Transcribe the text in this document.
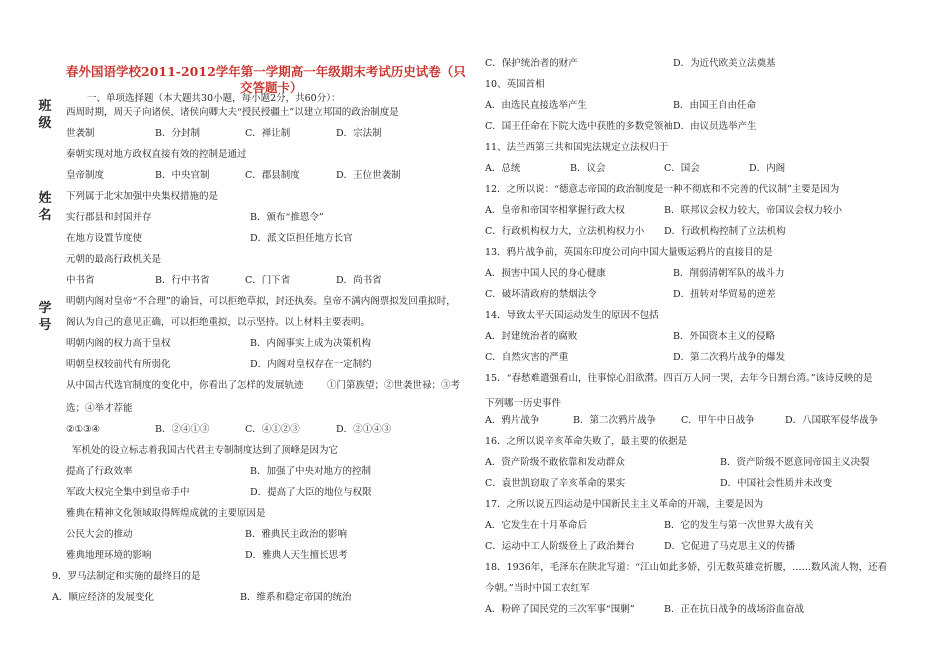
班级
姓名
学号
春外国语学校2011-2012学年第一学期高一年级期末考试历史试卷（只
交答题卡）
一、单项选择题（本大题共30小题，每小题2分，共60分）：
西周时期，周天子向诸侯，诸侯向卿大夫“授民授疆土”以建立邦国的政治制度是
世袭制	B．分封制	C．禅让制	D．宗法制
秦朝实现对地方政权直接有效的控制是通过
皇帝制度	B．中央官制	C．郡县制度	D．王位世袭制
下列属于北宋加强中央集权措施的是
实行郡县和封国并存	B．颁布“推恩令”
在地方设置节度使	D．派文臣担任地方长官
元朝的最高行政机关是
中书省	B．行中书省	C．门下省	D．尚书省
明朝内阁对皇帝“不合理”的谕旨，可以拒绝草拟，封还执奏。皇帝不满内阁票拟发回重拟时，
阁认为自己的意见正确，可以拒绝重拟，以示坚持。以上材料主要表明。
明朝内阁的权力高于皇权	B．内阁事实上成为决策机构
明朝皇权较前代有所弱化	D．内阁对皇权存在一定制约
从中国古代选官制度的变化中，你看出了怎样的发展轨迹 ①门第族望；②世袭世禄；③考
选；④举才荐能
②①③④	B．②④①③	C．④①②③	D．②①④③
军机处的设立标志着我国古代君主专制制度达到了顶峰是因为它
提高了行政效率	B．加强了中央对地方的控制
军政大权完全集中到皇帝手中	D．提高了大臣的地位与权限
雅典在精神文化领域取得辉煌成就的主要原因是
公民大会的推动	B．雅典民主政治的影响
雅典地理环境的影响	D．雅典人天生擅长思考
9．罗马法制定和实施的最终目的是
A．顺应经济的发展变化	B．维系和稳定帝国的统治
C．保护统治者的财产	D．为近代欧美立法奠基
10、英国首相
A．由选民直接选举产生	B．由国王自由任命
C．国王任命在下院大选中获胜的多数党领袖 D．由议员选举产生
11、法兰西第三共和国宪法规定立法权归于
A．总统	B．议会	C．国会	D．内阁
12．之所以说：“德意志帝国的政治制度是一种不彻底和不完善的代议制”主要是因为
A．皇帝和帝国宰相掌握行政大权	B．联邦议会权力较大，帝国议会权力较小
C．行政机构权力大，立法机构权力小 D．行政机构控制了立法机构
13．鸦片战争前，英国东印度公司向中国大量贩运鸦片的直接目的是
A．损害中国人民的身心健康	B．削弱清朝军队的战斗力
C．破坏清政府的禁烟法令	D．扭转对华贸易的逆差
14．导致太平天国运动发生的原因不包括
A．封建统治者的腐败	B．外国资本主义的侵略
C．自然灾害的严重	D．第二次鸦片战争的爆发
15．“春愁难遣强看山，往事惊心泪欲潸。四百万人同一哭，去年今日割台湾。”该诗反映的是
下列哪一历史事件
A．鸦片战争	B．第二次鸦片战争	C．甲午中日战争	D．八国联军侵华战争
16．之所以说辛亥革命失败了，最主要的依据是
A．资产阶级不敢依靠和发动群众	B．资产阶级不愿意同帝国主义决裂
C．袁世凯窃取了辛亥革命的果实	D．中国社会性质并未改变
17．之所以说五四运动是中国新民主主义革命的开端，主要是因为
A．它发生在十月革命后	B．它的发生与第一次世界大战有关
C．运动中工人阶级登上了政治舞台	D．它促进了马克思主义的传播
18．1936年，毛泽东在陕北写道：“江山如此多娇，引无数英雄竞折腰，……数风流人物，还看
今朝。”当时中国工农红军
A．粉碎了国民党的三次军事“围剿”	B．正在抗日战争的战场浴血奋战
